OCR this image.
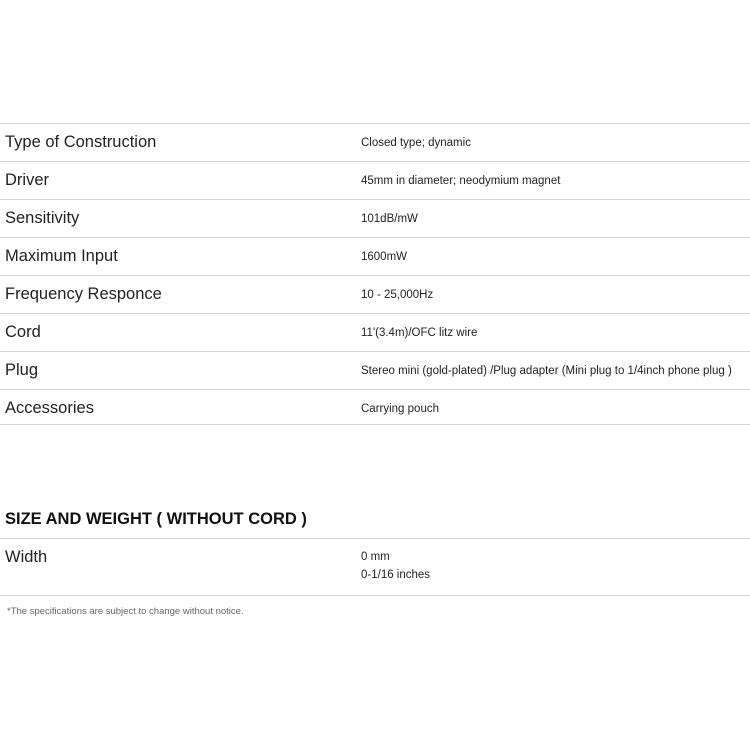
Type of Construction	Closed type; dynamic
Driver	45mm in diameter; neodymium magnet
Sensitivity	101dB/mW
Maximum Input	1600mW
Frequency Responce	10 - 25,000Hz
Cord	11'(3.4m)/OFC litz wire
Plug	Stereo mini (gold-plated) /Plug adapter (Mini plug to 1/4inch phone plug )
Accessories	Carrying pouch
SIZE AND WEIGHT ( WITHOUT CORD )
Width	0 mm
0-1/16 inches
*The specifications are subject to change without notice.
